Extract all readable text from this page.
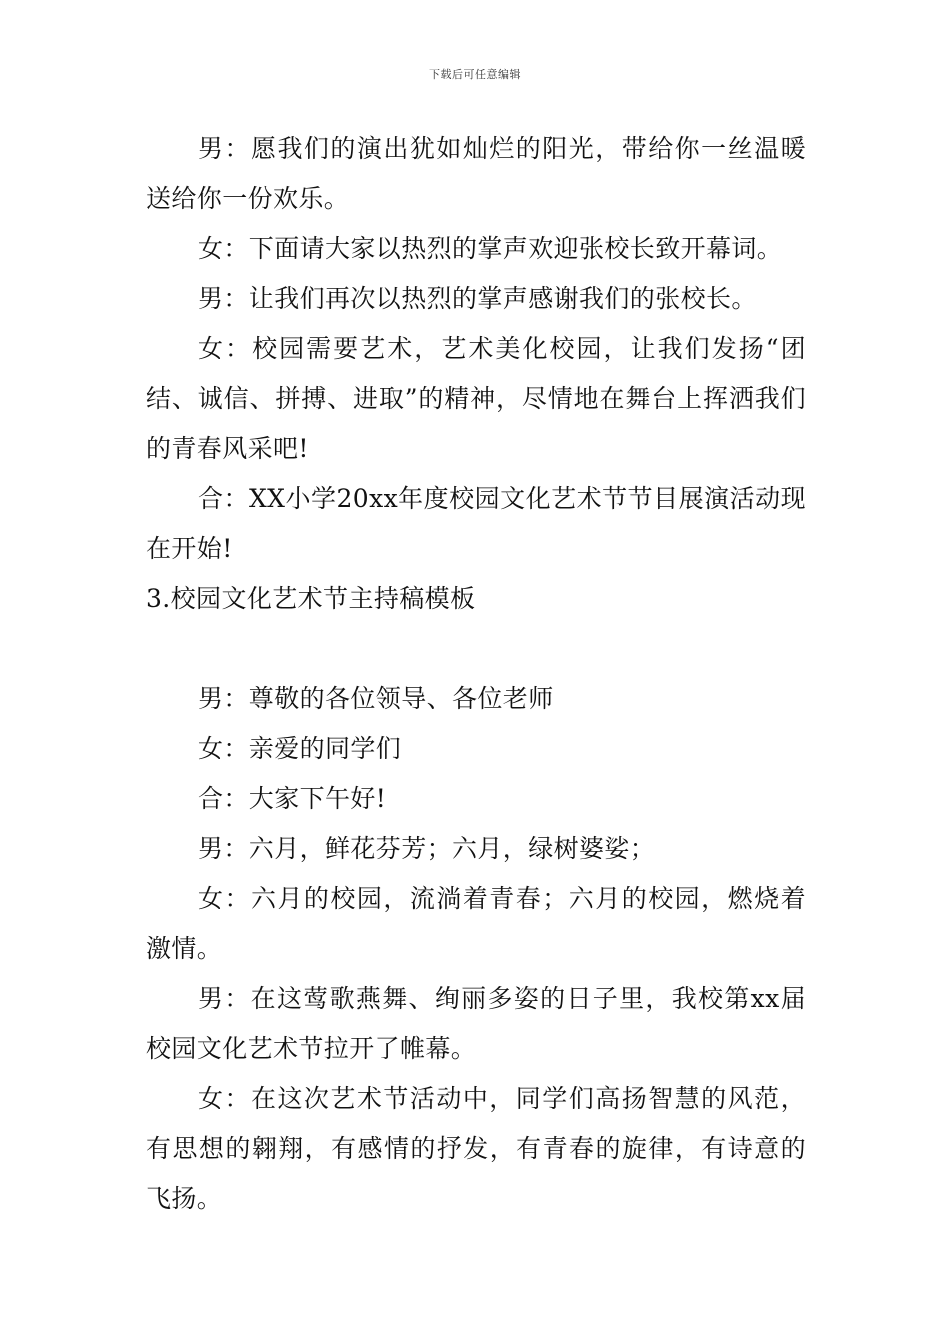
下载后可任意编辑

男：愿我们的演出犹如灿烂的阳光，带给你一丝温暖送给你一份欢乐。

女：下面请大家以热烈的掌声欢迎张校长致开幕词。

男：让我们再次以热烈的掌声感谢我们的张校长。

女：校园需要艺术，艺术美化校园，让我们发扬“团结、诚信、拼搏、进取”的精神，尽情地在舞台上挥洒我们的青春风采吧!

合：XX小学20xx年度校园文化艺术节节目展演活动现在开始!

3.校园文化艺术节主持稿模板

男：尊敬的各位领导、各位老师

女：亲爱的同学们

合：大家下午好!

男：六月，鲜花芬芳；六月，绿树婆娑；

女：六月的校园，流淌着青春；六月的校园，燃烧着激情。

男：在这莺歌燕舞、绚丽多姿的日子里，我校第xx届校园文化艺术节拉开了帷幕。

女：在这次艺术节活动中，同学们高扬智慧的风范，有思想的翱翔，有感情的抒发，有青春的旋律，有诗意的飞扬。
